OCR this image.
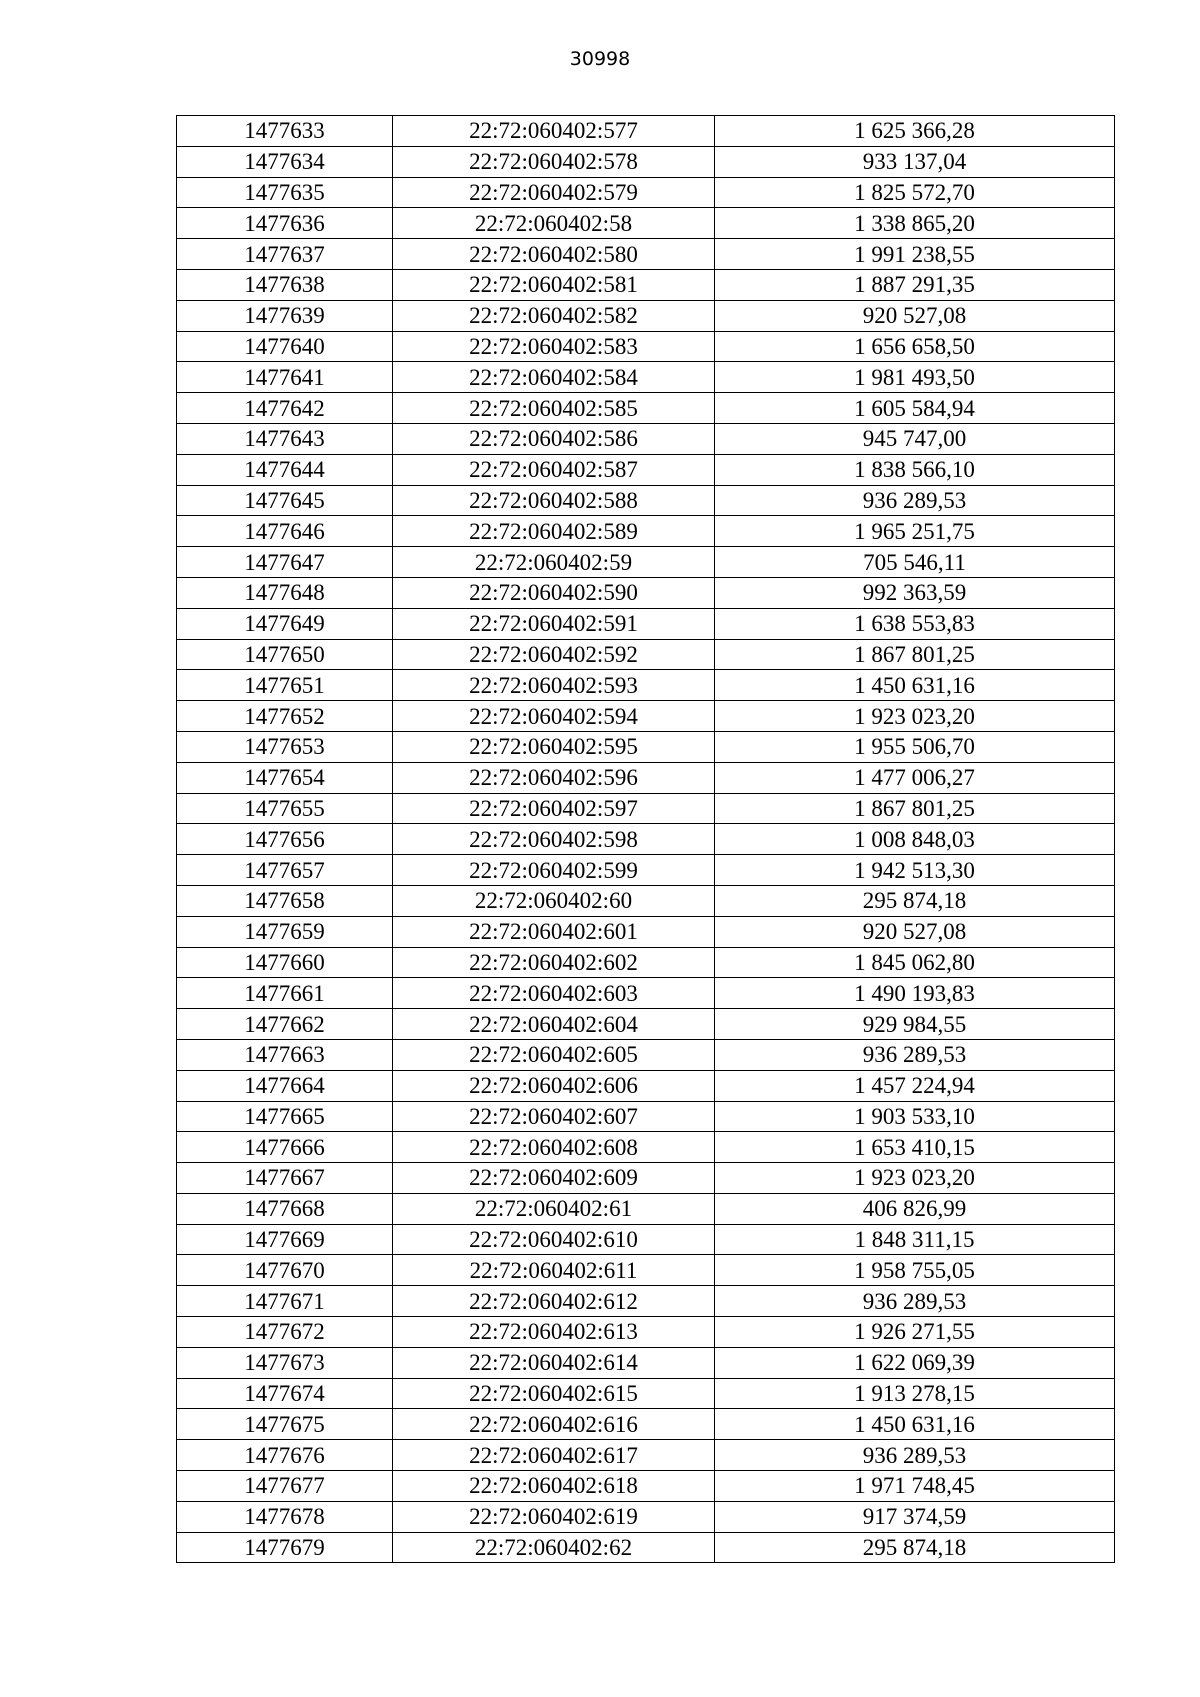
30998
1477633	22:72:060402:577	1 625 366,28
1477634	22:72:060402:578	933 137,04
1477635	22:72:060402:579	1 825 572,70
1477636	22:72:060402:58	1 338 865,20
1477637	22:72:060402:580	1 991 238,55
1477638	22:72:060402:581	1 887 291,35
1477639	22:72:060402:582	920 527,08
1477640	22:72:060402:583	1 656 658,50
1477641	22:72:060402:584	1 981 493,50
1477642	22:72:060402:585	1 605 584,94
1477643	22:72:060402:586	945 747,00
1477644	22:72:060402:587	1 838 566,10
1477645	22:72:060402:588	936 289,53
1477646	22:72:060402:589	1 965 251,75
1477647	22:72:060402:59	705 546,11
1477648	22:72:060402:590	992 363,59
1477649	22:72:060402:591	1 638 553,83
1477650	22:72:060402:592	1 867 801,25
1477651	22:72:060402:593	1 450 631,16
1477652	22:72:060402:594	1 923 023,20
1477653	22:72:060402:595	1 955 506,70
1477654	22:72:060402:596	1 477 006,27
1477655	22:72:060402:597	1 867 801,25
1477656	22:72:060402:598	1 008 848,03
1477657	22:72:060402:599	1 942 513,30
1477658	22:72:060402:60	295 874,18
1477659	22:72:060402:601	920 527,08
1477660	22:72:060402:602	1 845 062,80
1477661	22:72:060402:603	1 490 193,83
1477662	22:72:060402:604	929 984,55
1477663	22:72:060402:605	936 289,53
1477664	22:72:060402:606	1 457 224,94
1477665	22:72:060402:607	1 903 533,10
1477666	22:72:060402:608	1 653 410,15
1477667	22:72:060402:609	1 923 023,20
1477668	22:72:060402:61	406 826,99
1477669	22:72:060402:610	1 848 311,15
1477670	22:72:060402:611	1 958 755,05
1477671	22:72:060402:612	936 289,53
1477672	22:72:060402:613	1 926 271,55
1477673	22:72:060402:614	1 622 069,39
1477674	22:72:060402:615	1 913 278,15
1477675	22:72:060402:616	1 450 631,16
1477676	22:72:060402:617	936 289,53
1477677	22:72:060402:618	1 971 748,45
1477678	22:72:060402:619	917 374,59
1477679	22:72:060402:62	295 874,18
